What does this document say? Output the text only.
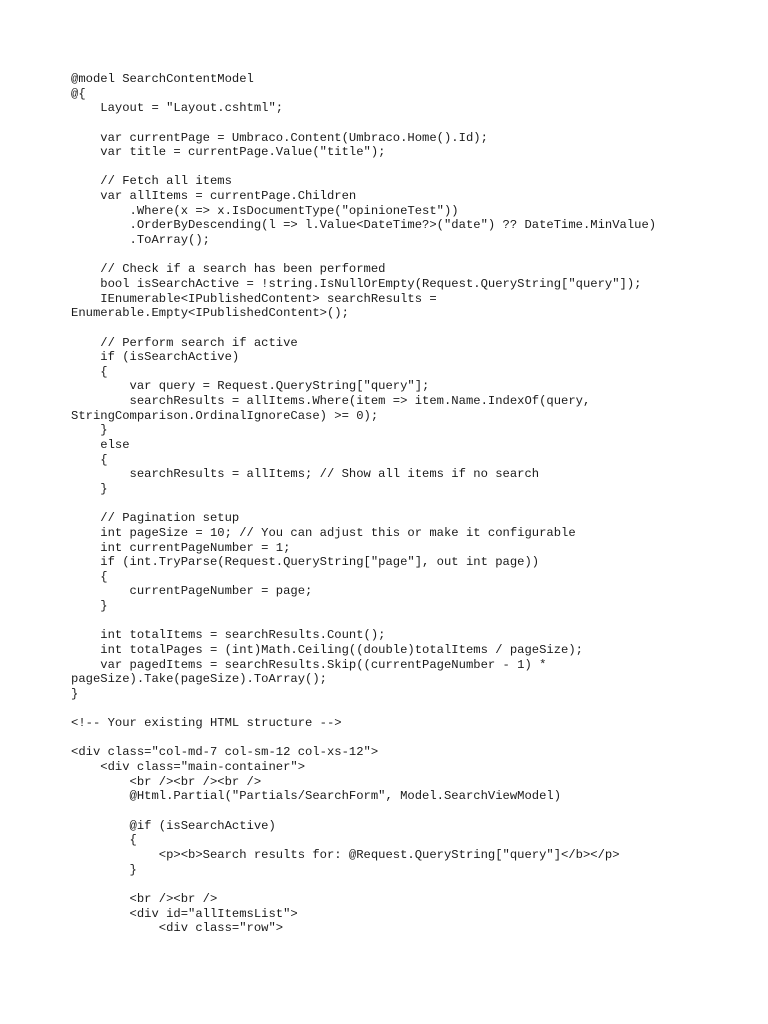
@model SearchContentModel
@{
Layout = "Layout.cshtml";
var currentPage = Umbraco.Content(Umbraco.Home().Id);
var title = currentPage.Value("title");
// Fetch all items
var allItems = currentPage.Children
.Where(x => x.IsDocumentType("opinioneTest"))
.OrderByDescending(l => l.Value<DateTime?>("date") ?? DateTime.MinValue)
.ToArray();
// Check if a search has been performed
bool isSearchActive = !string.IsNullOrEmpty(Request.QueryString["query"]);
IEnumerable<IPublishedContent> searchResults =
Enumerable.Empty<IPublishedContent>();
// Perform search if active
if (isSearchActive)
{
var query = Request.QueryString["query"];
searchResults = allItems.Where(item => item.Name.IndexOf(query,
StringComparison.OrdinalIgnoreCase) >= 0);
}
else
{
searchResults = allItems; // Show all items if no search
}
// Pagination setup
int pageSize = 10; // You can adjust this or make it configurable
int currentPageNumber = 1;
if (int.TryParse(Request.QueryString["page"], out int page))
{
currentPageNumber = page;
}
int totalItems = searchResults.Count();
int totalPages = (int)Math.Ceiling((double)totalItems / pageSize);
var pagedItems = searchResults.Skip((currentPageNumber - 1) *
pageSize).Take(pageSize).ToArray();
}
<!-- Your existing HTML structure -->
<div class="col-md-7 col-sm-12 col-xs-12">
<div class="main-container">
<br /><br /><br />
@Html.Partial("Partials/SearchForm", Model.SearchViewModel)
@if (isSearchActive)
{
<p><b>Search results for: @Request.QueryString["query"]</b></p>
}
<br /><br />
<div id="allItemsList">
<div class="row">
